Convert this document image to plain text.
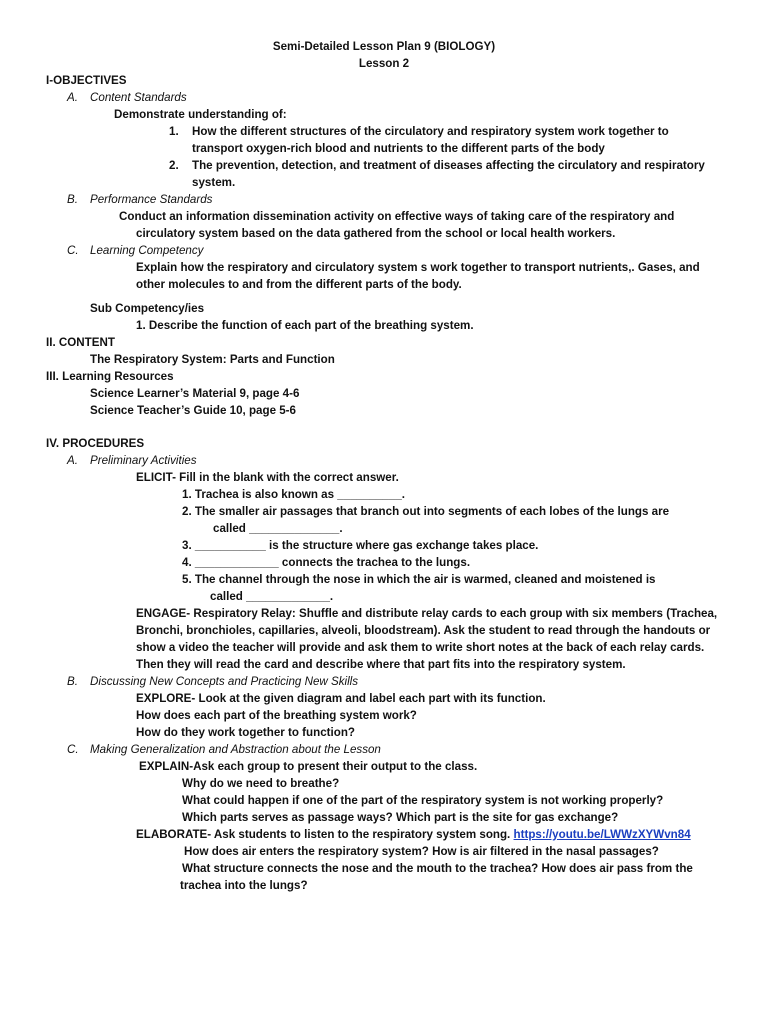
Semi-Detailed Lesson Plan 9 (BIOLOGY)
Lesson 2
I-OBJECTIVES
A. Content Standards
Demonstrate understanding of:
1. How the different structures of the circulatory and respiratory system work together to
transport oxygen-rich blood and nutrients to the different parts of the body
2. The prevention, detection, and treatment of diseases affecting the circulatory and respiratory
system.
B. Performance Standards
Conduct an information dissemination activity on effective ways of taking care of the respiratory and
circulatory system based on the data gathered from the school or local health workers.
C. Learning Competency
Explain how the respiratory and circulatory system s work together to transport nutrients,. Gases, and
other molecules to and from the different parts of the body.
Sub Competency/ies
1. Describe the function of each part of the breathing system.
II. CONTENT
The Respiratory System: Parts and Function
III. Learning Resources
Science Learner’s Material 9, page 4-6
Science Teacher’s Guide 10, page 5-6
IV. PROCEDURES
A. Preliminary Activities
ELICIT- Fill in the blank with the correct answer.
1. Trachea is also known as __________.
2. The smaller air passages that branch out into segments of each lobes of the lungs are
called ______________.
3. ___________ is the structure where gas exchange takes place.
4. _____________ connects the trachea to the lungs.
5. The channel through the nose in which the air is warmed, cleaned and moistened is
called _____________.
ENGAGE- Respiratory Relay: Shuffle and distribute relay cards to each group with six members (Trachea,
Bronchi, bronchioles, capillaries, alveoli, bloodstream). Ask the student to read through the handouts or
show a video the teacher will provide and ask them to write short notes at the back of each relay cards.
Then they will read the card and describe where that part fits into the respiratory system.
B. Discussing New Concepts and Practicing New Skills
EXPLORE- Look at the given diagram and label each part with its function.
How does each part of the breathing system work?
How do they work together to function?
C. Making Generalization and Abstraction about the Lesson
EXPLAIN-Ask each group to present their output to the class.
Why do we need to breathe?
What could happen if one of the part of the respiratory system is not working properly?
Which parts serves as passage ways? Which part is the site for gas exchange?
ELABORATE- Ask students to listen to the respiratory system song. https://youtu.be/LWWzXYWvn84
How does air enters the respiratory system? How is air filtered in the nasal passages?
What structure connects the nose and the mouth to the trachea? How does air pass from the
trachea into the lungs?
